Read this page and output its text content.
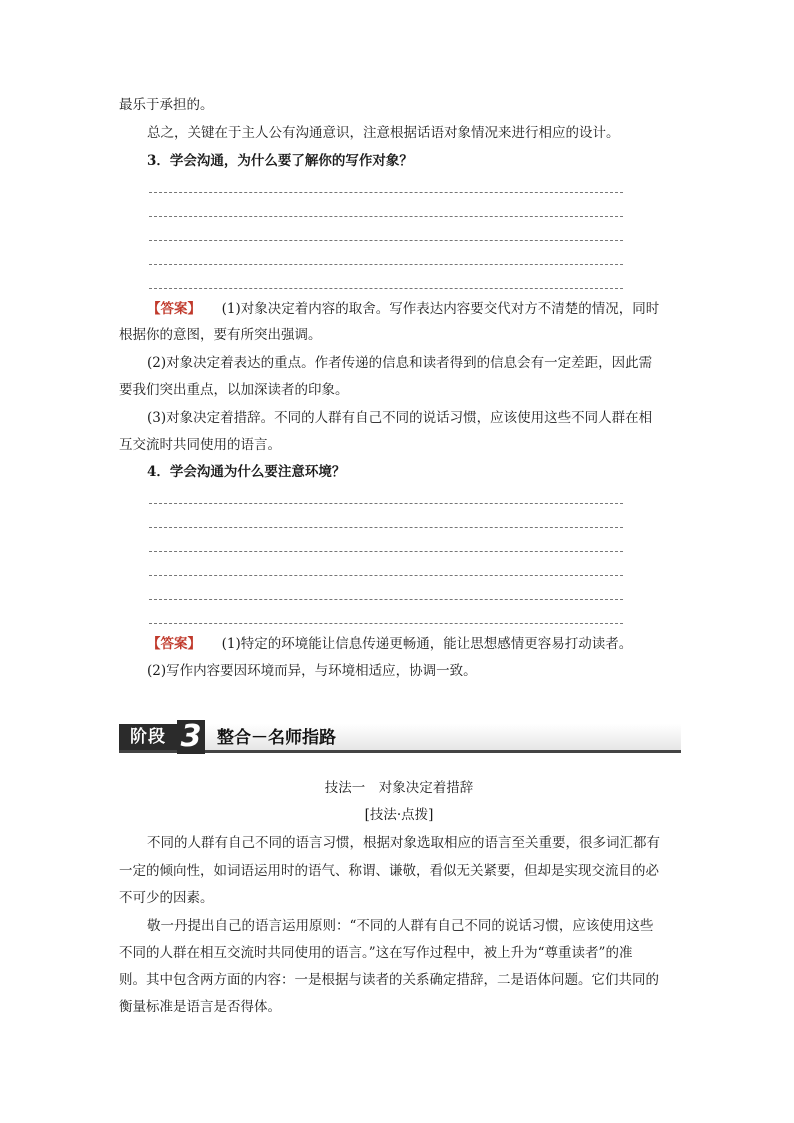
最乐于承担的。
总之，关键在于主人公有沟通意识，注意根据话语对象情况来进行相应的设计。
3．学会沟通，为什么要了解你的写作对象？
【答案】 (1)对象决定着内容的取舍。写作表达内容要交代对方不清楚的情况，同时
根据你的意图，要有所突出强调。
(2)对象决定着表达的重点。作者传递的信息和读者得到的信息会有一定差距，因此需
要我们突出重点，以加深读者的印象。
(3)对象决定着措辞。不同的人群有自己不同的说话习惯，应该使用这些不同人群在相
互交流时共同使用的语言。
4．学会沟通为什么要注意环境？
【答案】 (1)特定的环境能让信息传递更畅通，能让思想感情更容易打动读者。
(2)写作内容要因环境而异，与环境相适应，协调一致。
阶段 3 整合－名师指路
技法一　对象决定着措辞
[技法·点拨]
不同的人群有自己不同的语言习惯，根据对象选取相应的语言至关重要，很多词汇都有
一定的倾向性，如词语运用时的语气、称谓、谦敬，看似无关紧要，但却是实现交流目的必
不可少的因素。
敬一丹提出自己的语言运用原则：“不同的人群有自己不同的说话习惯，应该使用这些
不同的人群在相互交流时共同使用的语言。”这在写作过程中，被上升为“尊重读者”的准
则。其中包含两方面的内容：一是根据与读者的关系确定措辞，二是语体问题。它们共同的
衡量标准是语言是否得体。
